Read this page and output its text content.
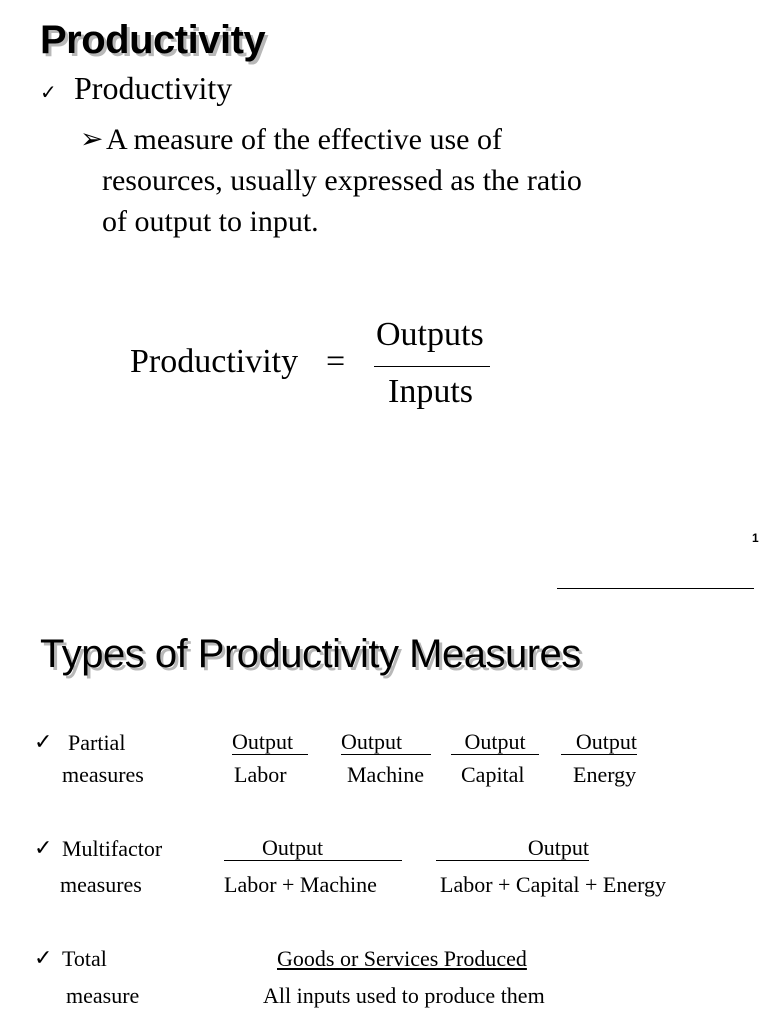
Productivity
✓ Productivity
➢ A measure of the effective use of
resources, usually expressed as the ratio
of output to input.
Productivity =
Outputs
Inputs
1
Types of Productivity Measures
✓ Partial
measures
Output
Labor
Output
Machine
Output
Capital
Output
Energy
✓ Multifactor
measures
Output
Labor + Machine
Output
Labor + Capital + Energy
✓ Total
measure
Goods or Services Produced
All inputs used to produce them
